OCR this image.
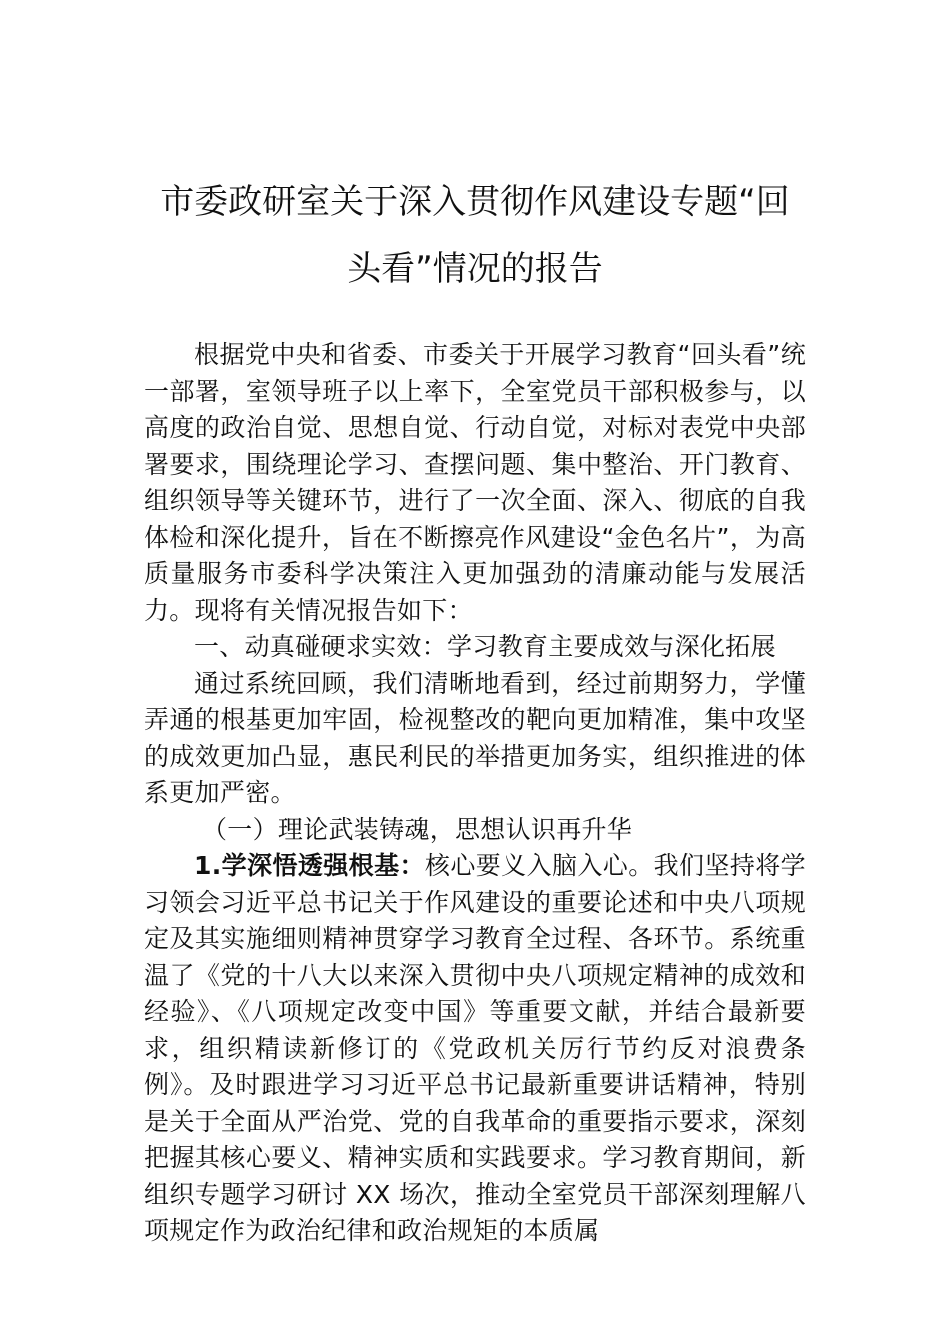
市委政研室关于深入贯彻作风建设专题“回
头看”情况的报告

根据党中央和省委、市委关于开展学习教育“回头看”统一部署，室领导班子以上率下，全室党员干部积极参与，以高度的政治自觉、思想自觉、行动自觉，对标对表党中央部署要求，围绕理论学习、查摆问题、集中整治、开门教育、组织领导等关键环节，进行了一次全面、深入、彻底的自我体检和深化提升，旨在不断擦亮作风建设“金色名片”，为高质量服务市委科学决策注入更加强劲的清廉动能与发展活力。现将有关情况报告如下：

一、动真碰硬求实效：学习教育主要成效与深化拓展

通过系统回顾，我们清晰地看到，经过前期努力，学懂弄通的根基更加牢固，检视整改的靶向更加精准，集中攻坚的成效更加凸显，惠民利民的举措更加务实，组织推进的体系更加严密。

（一）理论武装铸魂，思想认识再升华

1.学深悟透强根基：核心要义入脑入心。我们坚持将学习领会习近平总书记关于作风建设的重要论述和中央八项规定及其实施细则精神贯穿学习教育全过程、各环节。系统重温了《党的十八大以来深入贯彻中央八项规定精神的成效和经验》、《八项规定改变中国》等重要文献，并结合最新要求，组织精读新修订的《党政机关厉行节约反对浪费条例》。及时跟进学习习近平总书记最新重要讲话精神，特别是关于全面从严治党、党的自我革命的重要指示要求，深刻把握其核心要义、精神实质和实践要求。学习教育期间，新组织专题学习研讨 XX 场次，推动全室党员干部深刻理解八项规定作为政治纪律和政治规矩的本质属
